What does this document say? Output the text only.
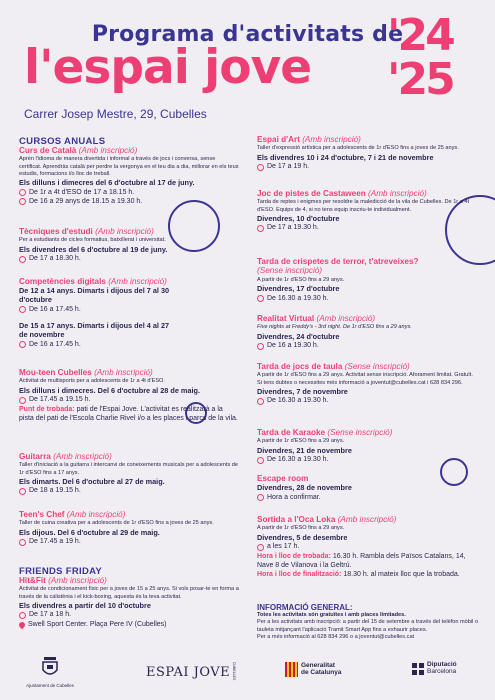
Programa d'activitats de
l'espai jove
Carrer Josep Mestre, 29, Cubelles
'24
'25
CURSOS ANUALS
Curs de Català (Amb inscripció)
Aprèn l'idioma de manera divertida i informal a través de jocs i conversa, sense certificat. Aprendràs català per perdre la vergonya en el teu dia a dia, millorar en els teus estudis, formacions i/o lloc de treball.
Els dilluns i dimecres del 6 d'octubre al 17 de juny.
De 1r a 4t d'ESO de 17 a 18.15 h.
De 16 a 29 anys de 18.15 a 19.30 h.
Tècniques d'estudi (Amb inscripció)
Per a estudiants de cicles formatius, batxillerat i universitat.
Els divendres del 6 d'octubre al 19 de juny.
De 17 a 18.30 h.
Competències digitals (Amb inscripció)
De 12 a 14 anys. Dimarts i dijous del 7 al 30 d'octubre
De 16 a 17.45 h.
De 15 a 17 anys. Dimarts i dijous del 4 al 27 de novembre
De 16 a 17.45 h.
Mou-teen Cubelles (Amb inscripció)
Activitat de multisports per a adolescents de 1r a 4t d'ESO.
Els dilluns i dimecres. Del 6 d'octubre al 28 de maig.
De 17.45 a 19.15 h.
Punt de trobada: pati de l'Espai Jove. L'activitat es realitzarà a la pista del pati de l'Escola Charlie Rivel i/o a les places i parcs de la vila.
Guitarra (Amb inscripció)
Taller d'iniciació a la guitarra i intercanvi de coneixements musicals per a adolescents de 1r d'ESO fins a 17 anys.
Els dimarts. Del 6 d'octubre al 27 de maig.
De 18 a 19.15 h.
Teen's Chef (Amb inscripció)
Taller de cuina creativa per a adolescents de 1r d'ESO fins a joves de 25 anys.
Els dijous. Del 6 d'octubre al 29 de maig.
De 17.45 a 19 h.
FRIENDS FRIDAY
Hit&Fit (Amb inscripció)
Activitat de condicionament físic per a joves de 15 a 25 anys. Si vols posar-te en forma a través de la calistènia i el kick-boxing, aquesta és la teva activitat.
Els divendres a partir del 10 d'octubre
De 17 a 18 h.
Swell Sport Center. Plaça Pere IV (Cubelles)
Espai d'Art (Amb inscripció)
Taller d'expressió artística per a adolescents de 1r d'ESO fins a joves de 25 anys.
Els divendres 10 i 24 d'octubre, 7 i 21 de novembre
De 17 a 19 h.
Joc de pistes de Castaween (Amb inscripció)
Tarda de reptes i enigmes per resoldre la maledicció de la vila de Cubelles. De 1r a 4t d'ESO. Equips de 4, si no tens equip inscriu-te individualment.
Divendres, 10 d'octubre
De 17 a 19.30 h.
Tarda de crispetes de terror, t'atreveixes? (Sense inscripció)
A partir de 1r d'ESO fins a 29 anys.
Divendres, 17 d'octubre
De 16.30 a 19.30 h.
Realitat Virtual (Amb inscripció)
Five nights at Freddy's - 3rd night. De 1r d'ESO fins a 29 anys.
Divendres, 24 d'octubre
De 16 a 19.30 h.
Tarda de jocs de taula (Sense inscripció)
A partir de 1r d'ESO fins a 29 anys. Activitat sense inscripció. Aforament limitat. Gratuït. Si tens dubtes o necessites més informació a joventut@cubelles.cat i 628 834 296.
Divendres, 7 de novembre
De 16.30 a 19.30 h.
Tarda de Karaoke (Sense inscripció)
A partir de 1r d'ESO fins a 29 anys.
Divendres, 21 de novembre
De 16.30 a 19.30 h.
Escape room
Divendres, 28 de novembre
Hora a confirmar.
Sortida a l'Oca Loka (Amb inscripció)
A partir de 1r d'ESO fins a 29 anys.
Divendres, 5 de desembre
a les 17 h.
Hora i lloc de trobada: 16.30 h. Rambla dels Països Catalans, 14, Nave 8 de Vilanova i la Geltrú.
Hora i lloc de finalització: 18.30 h. al mateix lloc que la trobada.
INFORMACIÓ GENERAL:
Totes les activitats són gratuïtes i amb places limitades.
Per a les activitats amb inscripció: a partir del 15 de setembre a través del telèfon mòbil o tauleta mitjançant l'aplicació Tramit Smart App fins a exhaurir places.
Per a més informació al 628 834 296 o a joventut@cubelles.cat
Ajuntament de Cubelles
ESPAI JOVE CUBELLES	Generalitat
de Catalunya
Diputació
Barcelona
